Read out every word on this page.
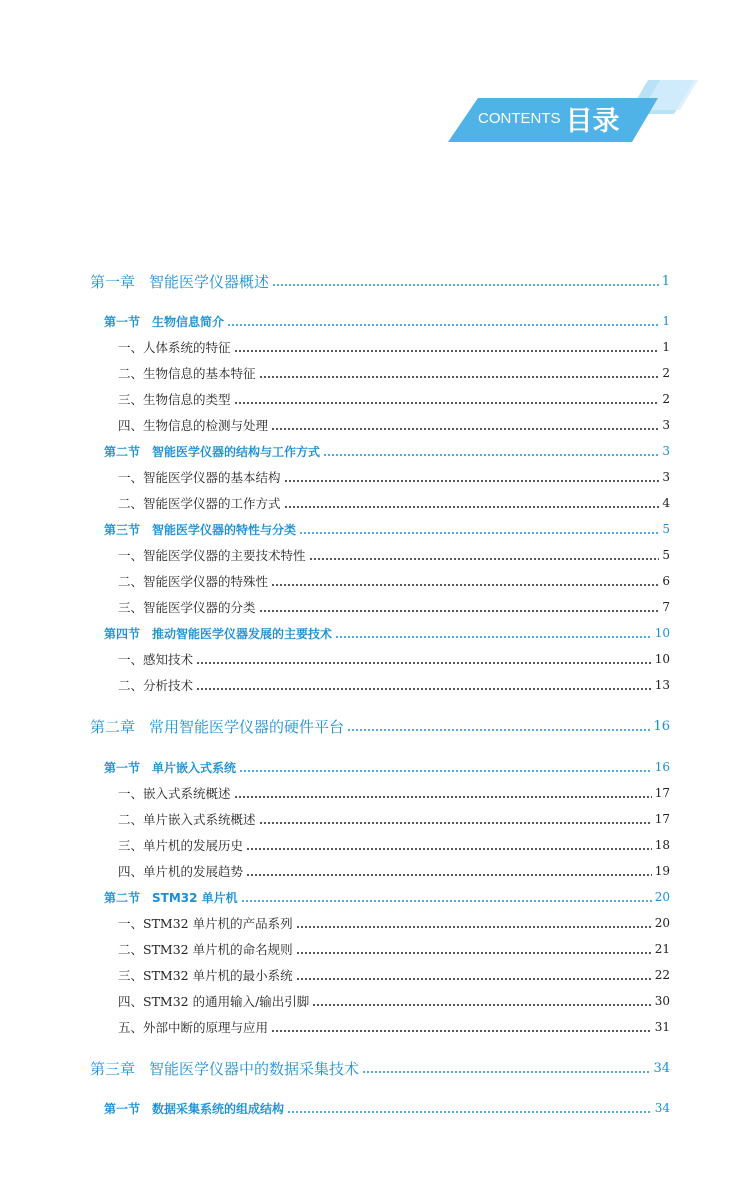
CONTENTS 目录
第一章 智能医学仪器概述	1
第一节 生物信息简介	1
一、人体系统的特征	1
二、生物信息的基本特征	2
三、生物信息的类型	2
四、生物信息的检测与处理	3
第二节 智能医学仪器的结构与工作方式	3
一、智能医学仪器的基本结构	3
二、智能医学仪器的工作方式	4
第三节 智能医学仪器的特性与分类	5
一、智能医学仪器的主要技术特性	5
二、智能医学仪器的特殊性	6
三、智能医学仪器的分类	7
第四节 推动智能医学仪器发展的主要技术	10
一、感知技术	10
二、分析技术	13
第二章 常用智能医学仪器的硬件平台	16
第一节 单片嵌入式系统	16
一、嵌入式系统概述	17
二、单片嵌入式系统概述	17
三、单片机的发展历史	18
四、单片机的发展趋势	19
第二节 STM32 单片机	20
一、STM32 单片机的产品系列	20
二、STM32 单片机的命名规则	21
三、STM32 单片机的最小系统	22
四、STM32 的通用输入/输出引脚	30
五、外部中断的原理与应用	31
第三章 智能医学仪器中的数据采集技术	34
第一节 数据采集系统的组成结构	34
